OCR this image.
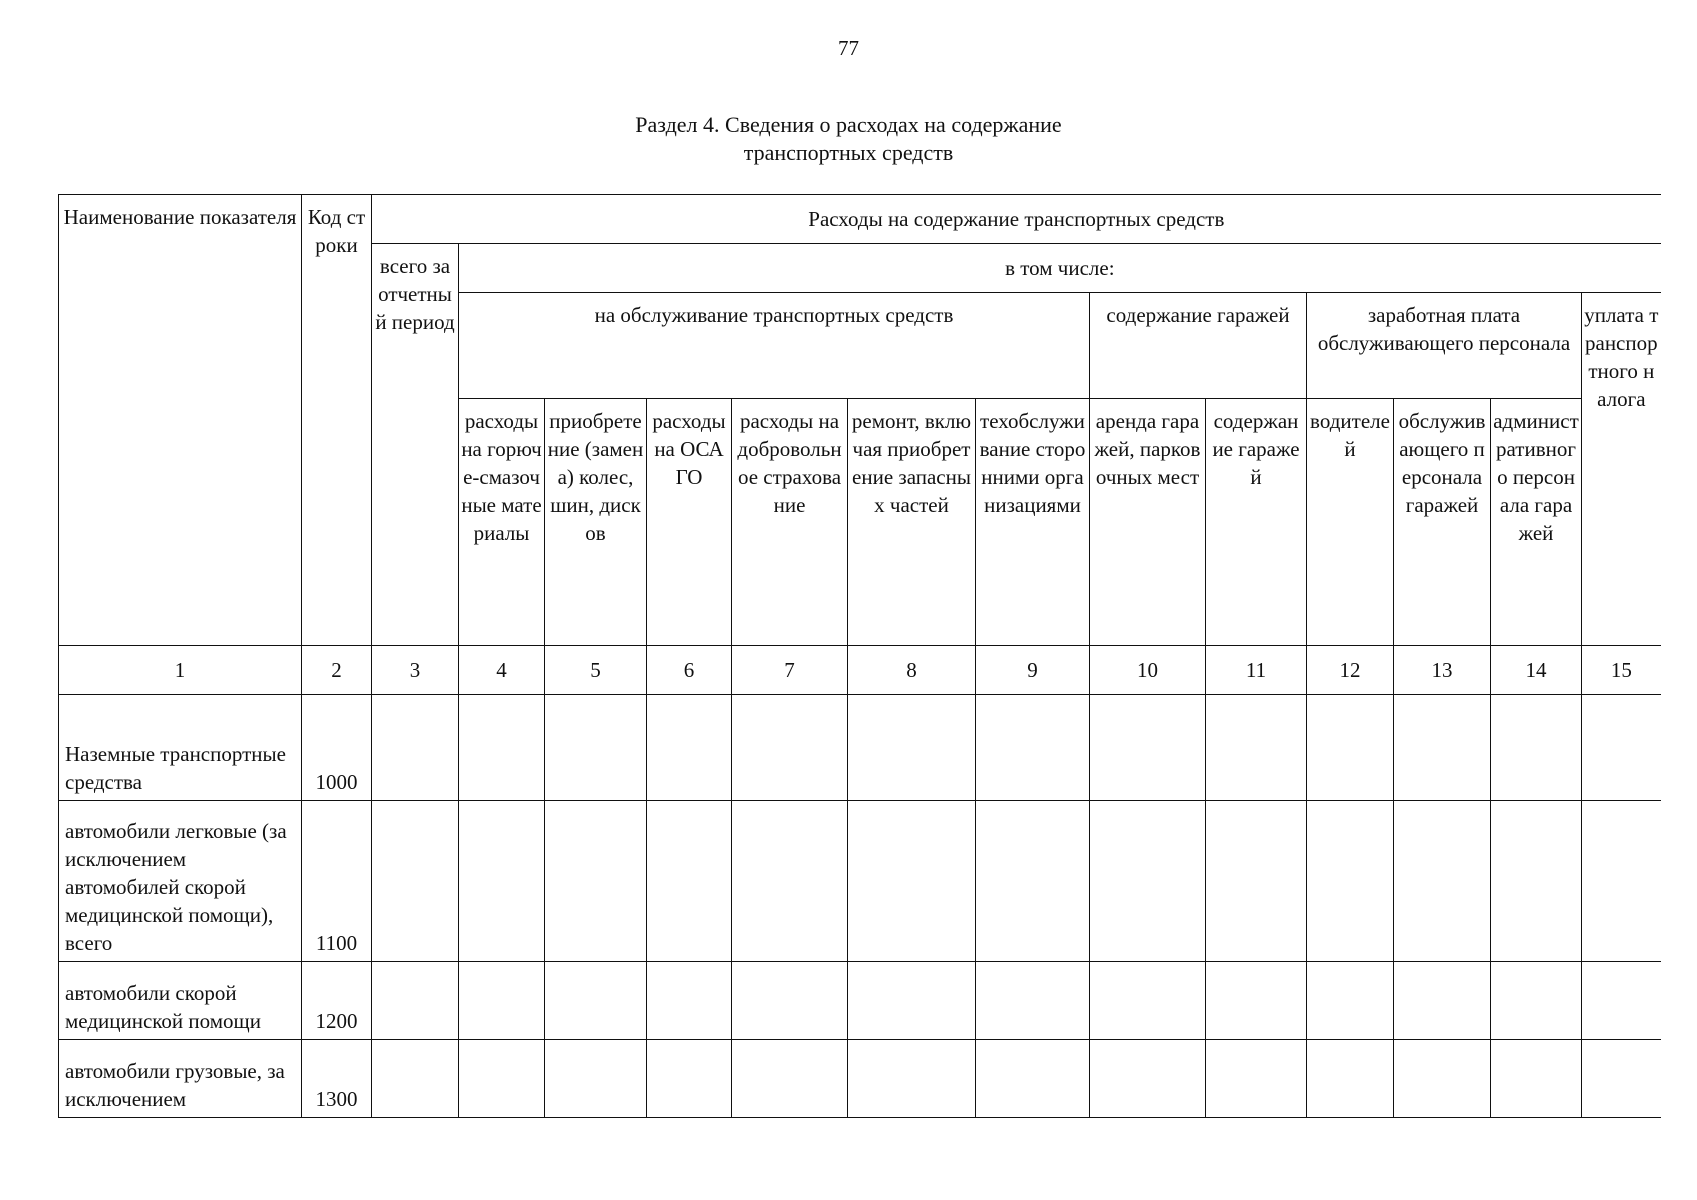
77
Раздел 4. Сведения о расходах на содержание
транспортных средств
Наименование показателя	Код строки	Расходы на содержание транспортных средств												
		всего за отчетный период	в том числе:											
			на обслуживание транспортных средств						содержание гаражей		заработная плата обслуживающего персонала			уплата транспортного налога
			расходы на горюче-смазочные материалы	приобретение (замена) колес, шин, дисков	расходы на ОСАГО	расходы на добровольное страхование	ремонт, включая приобретение запасных частей	техобслуживание сторонними организациями	аренда гаражей, парковочных мест	содержание гаражей	водителей	обслуживающего персонала гаражей	административного персонала гаражей	
1	2	3	4	5	6	7	8	9	10	11	12	13	14	15
Наземные транспортные средства	1000													
автомобили легковые (за исключением автомобилей скорой медицинской помощи), всего	1100													
автомобили скорой медицинской помощи	1200													
автомобили грузовые, за исключением	1300													
